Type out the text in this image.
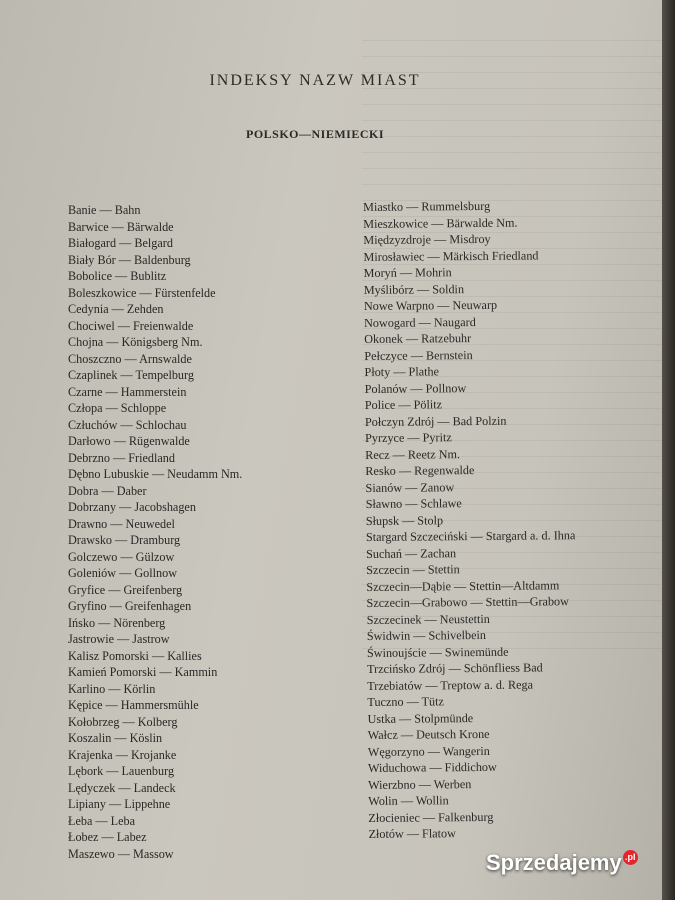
INDEKSY NAZW MIAST
POLSKO—NIEMIECKI
Banie — Bahn
Barwice — Bärwalde
Białogard — Belgard
Biały Bór — Baldenburg
Bobolice — Bublitz
Boleszkowice — Fürstenfelde
Cedynia — Zehden
Chociwel — Freienwalde
Chojna — Königsberg Nm.
Choszczno — Arnswalde
Czaplinek — Tempelburg
Czarne — Hammerstein
Człopa — Schloppe
Człuchów — Schlochau
Darłowo — Rügenwalde
Debrzno — Friedland
Dębno Lubuskie — Neudamm Nm.
Dobra — Daber
Dobrzany — Jacobshagen
Drawno — Neuwedel
Drawsko — Dramburg
Golczewo — Gülzow
Goleniów — Gollnow
Gryfice — Greifenberg
Gryfino — Greifenhagen
Ińsko — Nörenberg
Jastrowie — Jastrow
Kalisz Pomorski — Kallies
Kamień Pomorski — Kammin
Karlino — Körlin
Kępice — Hammersmühle
Kołobrzeg — Kolberg
Koszalin — Köslin
Krajenka — Krojanke
Lębork — Lauenburg
Lędyczek — Landeck
Lipiany — Lippehne
Łeba — Leba
Łobez — Labez
Maszewo — Massow
Miastko — Rummelsburg
Mieszkowice — Bärwalde Nm.
Międzyzdroje — Misdroy
Mirosławiec — Märkisch Friedland
Moryń — Mohrin
Myślibórz — Soldin
Nowe Warpno — Neuwarp
Nowogard — Naugard
Okonek — Ratzebuhr
Pełczyce — Bernstein
Płoty — Plathe
Polanów — Pollnow
Police — Pölitz
Połczyn Zdrój — Bad Polzin
Pyrzyce — Pyritz
Recz — Reetz Nm.
Resko — Regenwalde
Sianów — Zanow
Sławno — Schlawe
Słupsk — Stolp
Stargard Szczeciński — Stargard a. d. Ihna
Suchań — Zachan
Szczecin — Stettin
Szczecin—Dąbie — Stettin—Altdamm
Szczecin—Grabowo — Stettin—Grabow
Szczecinek — Neustettin
Świdwin — Schivelbein
Świnoujście — Swinemünde
Trzcińsko Zdrój — Schönfliess Bad
Trzebiatów — Treptow a. d. Rega
Tuczno — Tütz
Ustka — Stolpmünde
Wałcz — Deutsch Krone
Węgorzyno — Wangerin
Widuchowa — Fiddichow
Wierzbno — Werben
Wolin — Wollin
Złocieniec — Falkenburg
Złotów — Flatow
Sprzedajemy .pl
